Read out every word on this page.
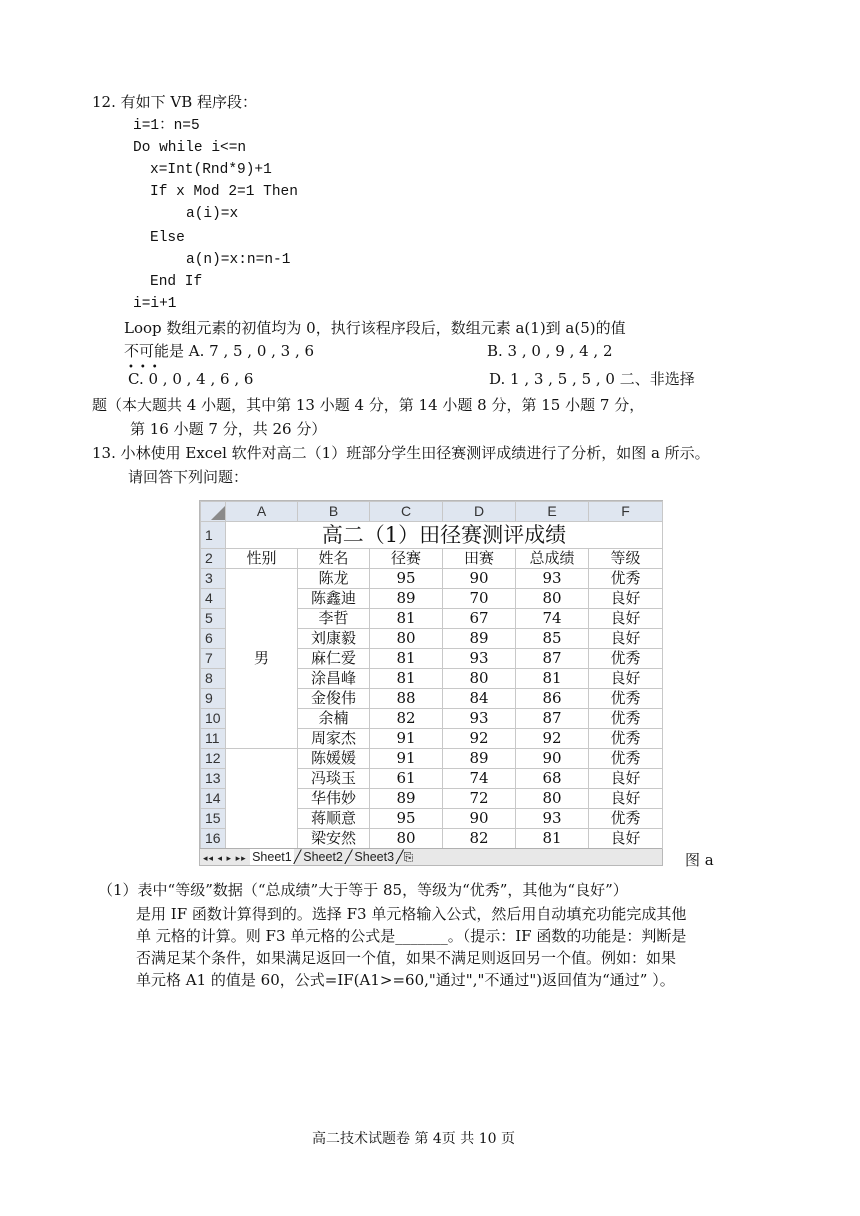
12. 有如下 VB 程序段：
i=1：n=5
Do while i<=n
x=Int(Rnd*9)+1
If x Mod 2=1 Then
a(i)=x
Else
a(n)=x:n=n-1
End If
i=i+1
Loop 数组元素的初值均为 0，执行该程序段后，数组元素 a(1)到 a(5)的值
不可能是 A. 7 , 5 , 0 , 3 , 6
•••
B. 3 , 0 , 9 , 4 , 2
C. 0 , 0 , 4 , 6 , 6	D. 1 , 3 , 5 , 5 , 0 二、非选择
题（本大题共 4 小题，其中第 13 小题 4 分，第 14 小题 8 分，第 15 小题 7 分，
第 16 小题 7 分，共 26 分）
13. 小林使用 Excel 软件对高二（1）班部分学生田径赛测评成绩进行了分析，如图 a 所示。
请回答下列问题：
	A	B	C	D	E	F
1	高二（1）田径赛测评成绩					
2	性别	姓名	径赛	田赛	总成绩	等级
3	男	陈龙	95	90	93	优秀
4		陈鑫迪	89	70	80	良好
5		李哲	81	67	74	良好
6		刘康毅	80	89	85	良好
7		麻仁爱	81	93	87	优秀
8		涂昌峰	81	80	81	良好
9		金俊伟	88	84	86	优秀
10		余楠	82	93	87	优秀
11		周家杰	91	92	92	优秀
12		陈媛媛	91	89	90	优秀
13		冯琰玉	61	74	68	良好
14		华伟妙	89	72	80	良好
15		蒋顺意	95	90	93	优秀
16		梁安然	80	82	81	良好
◂◂ ◂ ▸ ▸▸ Sheet1 ╱ Sheet2 ╱ Sheet3 ╱⎘	图 a
（1）表中“等级”数据（“总成绩”大于等于 85，等级为“优秀”，其他为“良好”）
是用 IF 函数计算得到的。选择 F3 单元格输入公式，然后用自动填充功能完成其他
单 元格的计算。则 F3 单元格的公式是_______。（提示：IF 函数的功能是：判断是
否满足某个条件，如果满足返回一个值，如果不满足则返回另一个值。例如：如果
单元格 A1 的值是 60，公式=IF(A1>=60,"通过","不通过")返回值为“通过” ）。
高二技术试题卷 第 4页 共 10 页
